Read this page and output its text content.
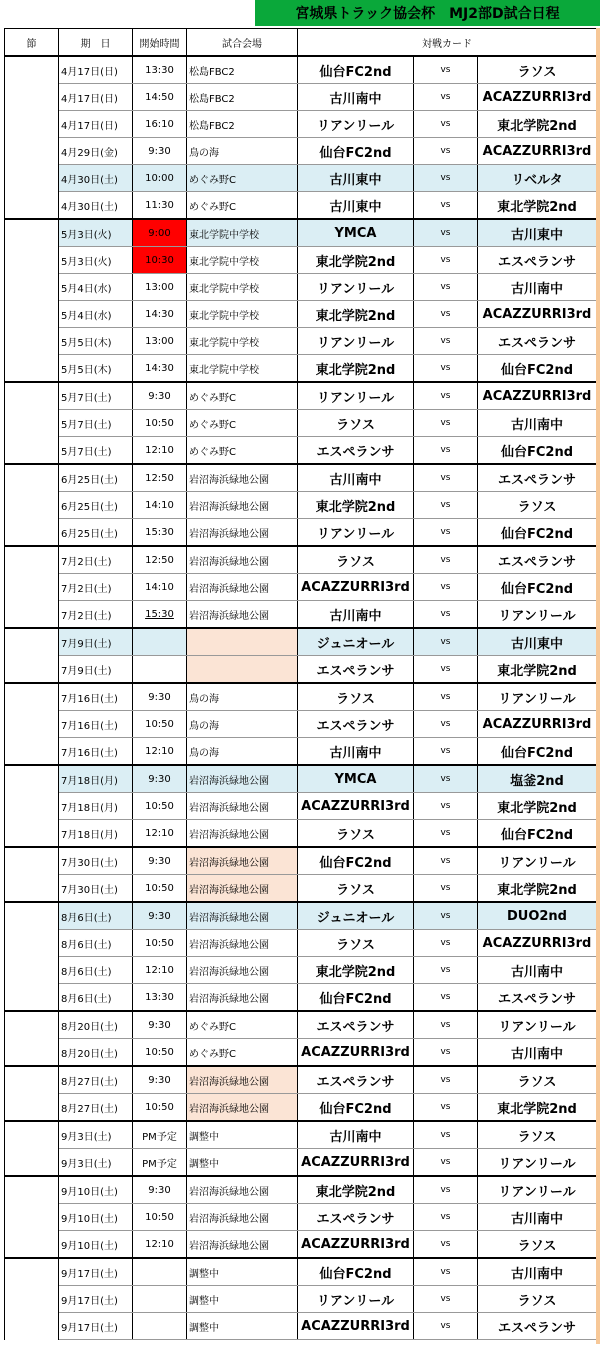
宮城県トラック協会杯　MJ2部D試合日程
節	期　日	開始時間	試合会場	対戦カード		
	4月17日(日)	13:30	松島FBC2	仙台FC2nd	vs	ラソス
	4月17日(日)	14:50	松島FBC2	古川南中	vs	ACAZZURRI3rd
	4月17日(日)	16:10	松島FBC2	リアンリール	vs	東北学院2nd
	4月29日(金)	9:30	鳥の海	仙台FC2nd	vs	ACAZZURRI3rd
	4月30日(土)	10:00	めぐみ野C	古川東中	vs	リベルタ
	4月30日(土)	11:30	めぐみ野C	古川東中	vs	東北学院2nd
	5月3日(火)	9:00	東北学院中学校	YMCA	vs	古川東中
	5月3日(火)	10:30	東北学院中学校	東北学院2nd	vs	エスペランサ
	5月4日(水)	13:00	東北学院中学校	リアンリール	vs	古川南中
	5月4日(水)	14:30	東北学院中学校	東北学院2nd	vs	ACAZZURRI3rd
	5月5日(木)	13:00	東北学院中学校	リアンリール	vs	エスペランサ
	5月5日(木)	14:30	東北学院中学校	東北学院2nd	vs	仙台FC2nd
	5月7日(土)	9:30	めぐみ野C	リアンリール	vs	ACAZZURRI3rd
	5月7日(土)	10:50	めぐみ野C	ラソス	vs	古川南中
	5月7日(土)	12:10	めぐみ野C	エスペランサ	vs	仙台FC2nd
	6月25日(土)	12:50	岩沼海浜緑地公園	古川南中	vs	エスペランサ
	6月25日(土)	14:10	岩沼海浜緑地公園	東北学院2nd	vs	ラソス
	6月25日(土)	15:30	岩沼海浜緑地公園	リアンリール	vs	仙台FC2nd
	7月2日(土)	12:50	岩沼海浜緑地公園	ラソス	vs	エスペランサ
	7月2日(土)	14:10	岩沼海浜緑地公園	ACAZZURRI3rd	vs	仙台FC2nd
	7月2日(土)	15:30	岩沼海浜緑地公園	古川南中	vs	リアンリール
	7月9日(土)			ジュニオール	vs	古川東中
	7月9日(土)			エスペランサ	vs	東北学院2nd
	7月16日(土)	9:30	鳥の海	ラソス	vs	リアンリール
	7月16日(土)	10:50	鳥の海	エスペランサ	vs	ACAZZURRI3rd
	7月16日(土)	12:10	鳥の海	古川南中	vs	仙台FC2nd
	7月18日(月)	9:30	岩沼海浜緑地公園	YMCA	vs	塩釜2nd
	7月18日(月)	10:50	岩沼海浜緑地公園	ACAZZURRI3rd	vs	東北学院2nd
	7月18日(月)	12:10	岩沼海浜緑地公園	ラソス	vs	仙台FC2nd
	7月30日(土)	9:30	岩沼海浜緑地公園	仙台FC2nd	vs	リアンリール
	7月30日(土)	10:50	岩沼海浜緑地公園	ラソス	vs	東北学院2nd
	8月6日(土)	9:30	岩沼海浜緑地公園	ジュニオール	vs	DUO2nd
	8月6日(土)	10:50	岩沼海浜緑地公園	ラソス	vs	ACAZZURRI3rd
	8月6日(土)	12:10	岩沼海浜緑地公園	東北学院2nd	vs	古川南中
	8月6日(土)	13:30	岩沼海浜緑地公園	仙台FC2nd	vs	エスペランサ
	8月20日(土)	9:30	めぐみ野C	エスペランサ	vs	リアンリール
	8月20日(土)	10:50	めぐみ野C	ACAZZURRI3rd	vs	古川南中
	8月27日(土)	9:30	岩沼海浜緑地公園	エスペランサ	vs	ラソス
	8月27日(土)	10:50	岩沼海浜緑地公園	仙台FC2nd	vs	東北学院2nd
	9月3日(土)	PM予定	調整中	古川南中	vs	ラソス
	9月3日(土)	PM予定	調整中	ACAZZURRI3rd	vs	リアンリール
	9月10日(土)	9:30	岩沼海浜緑地公園	東北学院2nd	vs	リアンリール
	9月10日(土)	10:50	岩沼海浜緑地公園	エスペランサ	vs	古川南中
	9月10日(土)	12:10	岩沼海浜緑地公園	ACAZZURRI3rd	vs	ラソス
	9月17日(土)		調整中	仙台FC2nd	vs	古川南中
	9月17日(土)		調整中	リアンリール	vs	ラソス
	9月17日(土)		調整中	ACAZZURRI3rd	vs	エスペランサ
